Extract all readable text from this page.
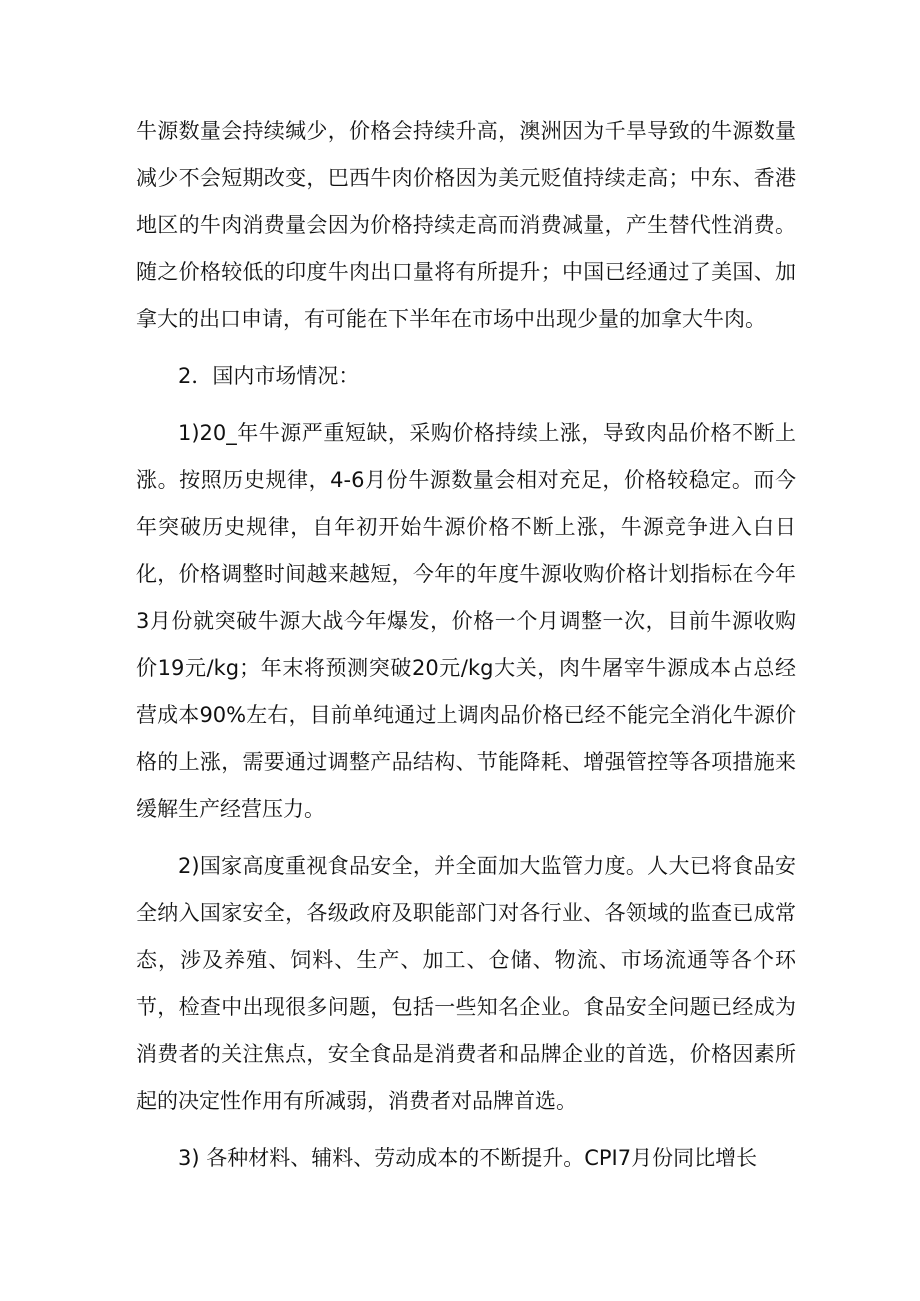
牛源数量会持续缄少，价格会持续升高，澳洲因为千旱导致的牛源数量减少不会短期改变，巴西牛肉价格因为美元贬值持续走高；中东、香港地区的牛肉消费量会因为价格持续走高而消费减量，产生替代性消费。随之价格较低的印度牛肉出口量将有所提升；中国已经通过了美国、加拿大的出口申请，有可能在下半年在市场中出现少量的加拿大牛肉。

2．国内市场情况：

1)20_年牛源严重短缺，采购价格持续上涨，导致肉品价格不断上涨。按照历史规律，4-6月份牛源数量会相对充足，价格较稳定。而今年突破历史规律，自年初开始牛源价格不断上涨，牛源竞争进入白日化，价格调整时间越来越短，今年的年度牛源收购价格计划指标在今年3月份就突破牛源大战今年爆发，价格一个月调整一次，目前牛源收购价19元/kg；年末将预测突破20元/kg大关，肉牛屠宰牛源成本占总经营成本90%左右，目前单纯通过上调肉品价格已经不能完全消化牛源价格的上涨，需要通过调整产品结构、节能降耗、增强管控等各项措施来缓解生产经营压力。

2)国家高度重视食品安全，并全面加大监管力度。人大已将食品安全纳入国家安全，各级政府及职能部门对各行业、各领域的监查已成常态，涉及养殖、饲料、生产、加工、仓储、物流、市场流通等各个环节，检查中出现很多问题，包括一些知名企业。食品安全问题已经成为消费者的关注焦点，安全食品是消费者和品牌企业的首选，价格因素所起的决定性作用有所减弱，消费者对品牌首选。

3) 各种材料、辅料、劳动成本的不断提升。CPI7月份同比增长
